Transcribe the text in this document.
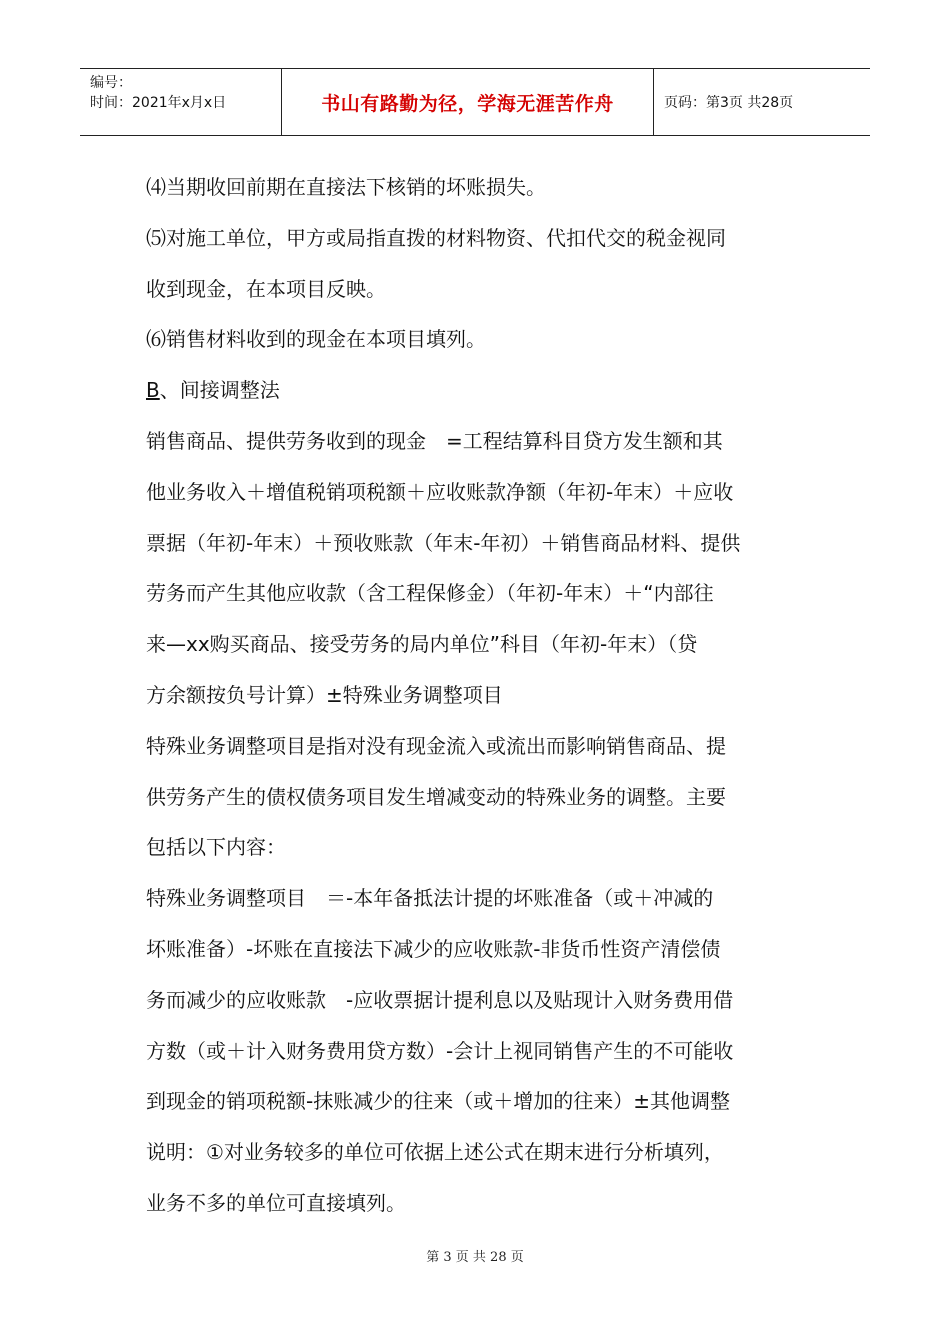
编号：
时间：2021年x月x日	书山有路勤为径，学海无涯苦作舟	页码：第3页 共28页

⑷当期收回前期在直接法下核销的坏账损失。

⑸对施工单位，甲方或局指直拨的材料物资、代扣代交的税金视同

收到现金，在本项目反映。

⑹销售材料收到的现金在本项目填列。

B、间接调整法

销售商品、提供劳务收到的现金　=工程结算科目贷方发生额和其

他业务收入＋增值税销项税额＋应收账款净额（年初-年末）＋应收

票据（年初-年末）＋预收账款（年末-年初）＋销售商品材料、提供

劳务而产生其他应收款（含工程保修金）（年初-年末）＋“内部往

来—xx购买商品、接受劳务的局内单位”科目（年初-年末）（贷

方余额按负号计算）±特殊业务调整项目

特殊业务调整项目是指对没有现金流入或流出而影响销售商品、提

供劳务产生的债权债务项目发生增减变动的特殊业务的调整。主要

包括以下内容：

特殊业务调整项目　＝-本年备抵法计提的坏账准备（或＋冲减的

坏账准备）-坏账在直接法下减少的应收账款-非货币性资产清偿债

务而减少的应收账款　-应收票据计提利息以及贴现计入财务费用借

方数（或＋计入财务费用贷方数）-会计上视同销售产生的不可能收

到现金的销项税额-抹账减少的往来（或＋增加的往来）±其他调整

说明：①对业务较多的单位可依据上述公式在期末进行分析填列，

业务不多的单位可直接填列。

第 3 页 共 28 页
